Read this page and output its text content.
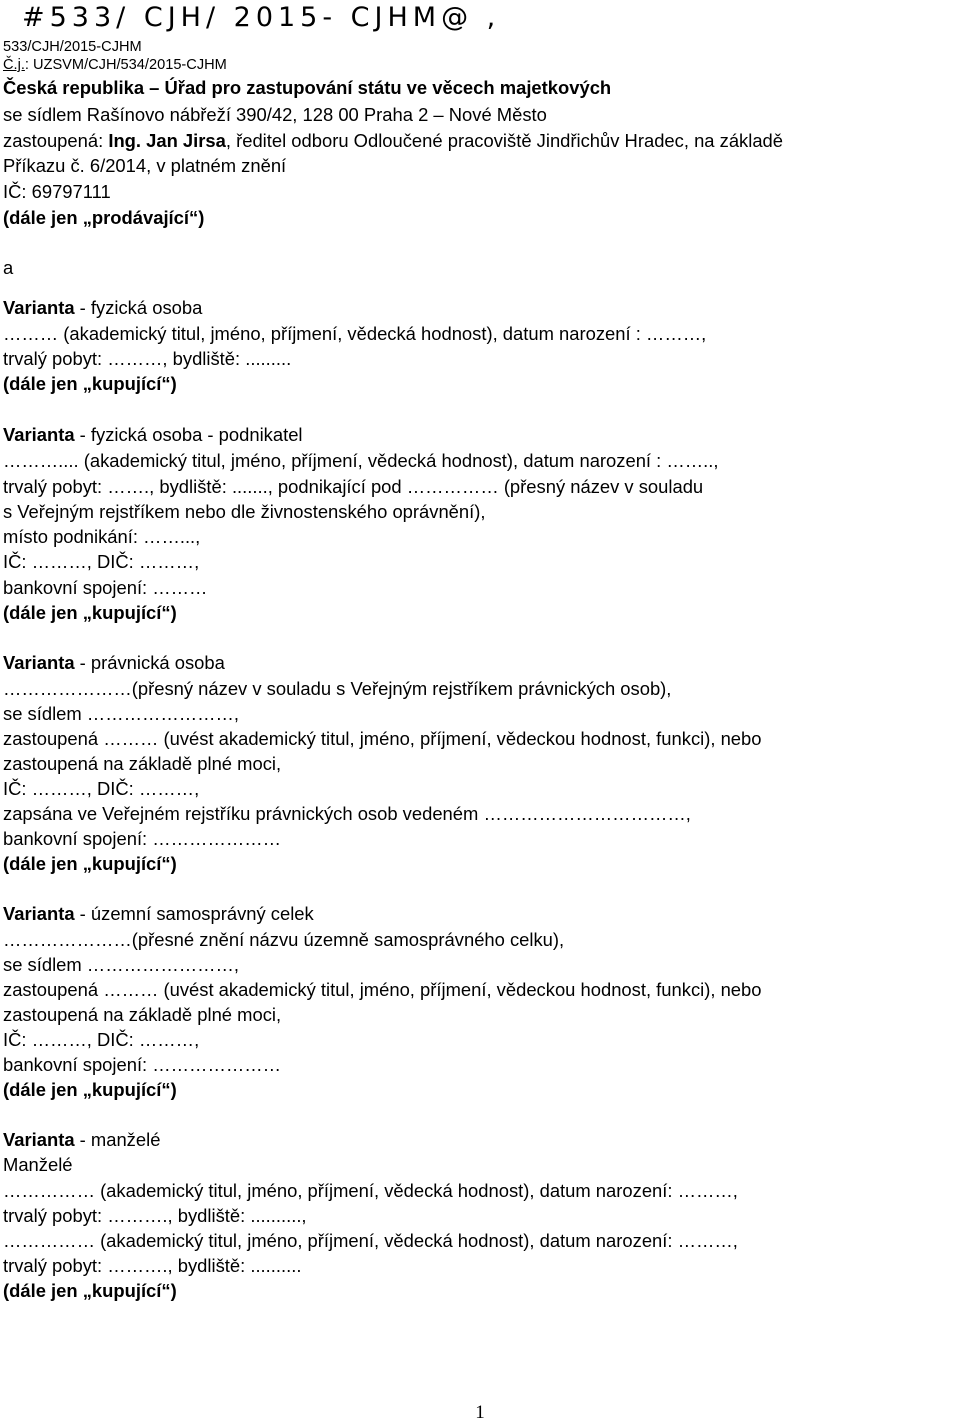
#533/ CJH/ 2015- CJHM@ ,
533/CJH/2015-CJHM
Č.j.: UZSVM/CJH/534/2015-CJHM
Česká republika – Úřad pro zastupování státu ve věcech majetkových
se sídlem Rašínovo nábřeží 390/42, 128 00 Praha 2 – Nové Město
zastoupená: Ing. Jan Jirsa, ředitel odboru Odloučené pracoviště Jindřichův Hradec, na základě
Příkazu č. 6/2014, v platném znění
IČ: 69797111
(dále jen „prodávající“)
a
Varianta - fyzická osoba
……… (akademický titul, jméno, příjmení, vědecká hodnost), datum narození : ………,
trvalý pobyt: ………, bydliště: .........
(dále jen „kupující“)
Varianta - fyzická osoba - podnikatel
……….... (akademický titul, jméno, příjmení, vědecká hodnost), datum narození : ……..,
trvalý pobyt: ……., bydliště: ......., podnikající pod …………… (přesný název v souladu
s Veřejným rejstříkem nebo dle živnostenského oprávnění),
místo podnikání: ……...,
IČ: ………, DIČ: ………,
bankovní spojení: ………
(dále jen „kupující“)
Varianta - právnická osoba
…………………(přesný název v souladu s Veřejným rejstříkem právnických osob),
se sídlem ……………………,
zastoupená ……… (uvést akademický titul, jméno, příjmení, vědeckou hodnost, funkci), nebo
zastoupená na základě plné moci,
IČ: ………, DIČ: ………,
zapsána ve Veřejném rejstříku právnických osob vedeném ……………………………,
bankovní spojení: …………………
(dále jen „kupující“)
Varianta - územní samosprávný celek
…………………(přesné znění názvu územně samosprávného celku),
se sídlem ……………………,
zastoupená ……… (uvést akademický titul, jméno, příjmení, vědeckou hodnost, funkci), nebo
zastoupená na základě plné moci,
IČ: ………, DIČ: ………,
bankovní spojení: …………………
(dále jen „kupující“)
Varianta - manželé
Manželé
…………… (akademický titul, jméno, příjmení, vědecká hodnost), datum narození: ………,
trvalý pobyt: ………., bydliště: ..........,
…………… (akademický titul, jméno, příjmení, vědecká hodnost), datum narození: ………,
trvalý pobyt: ………., bydliště: ..........
(dále jen „kupující“)
1
